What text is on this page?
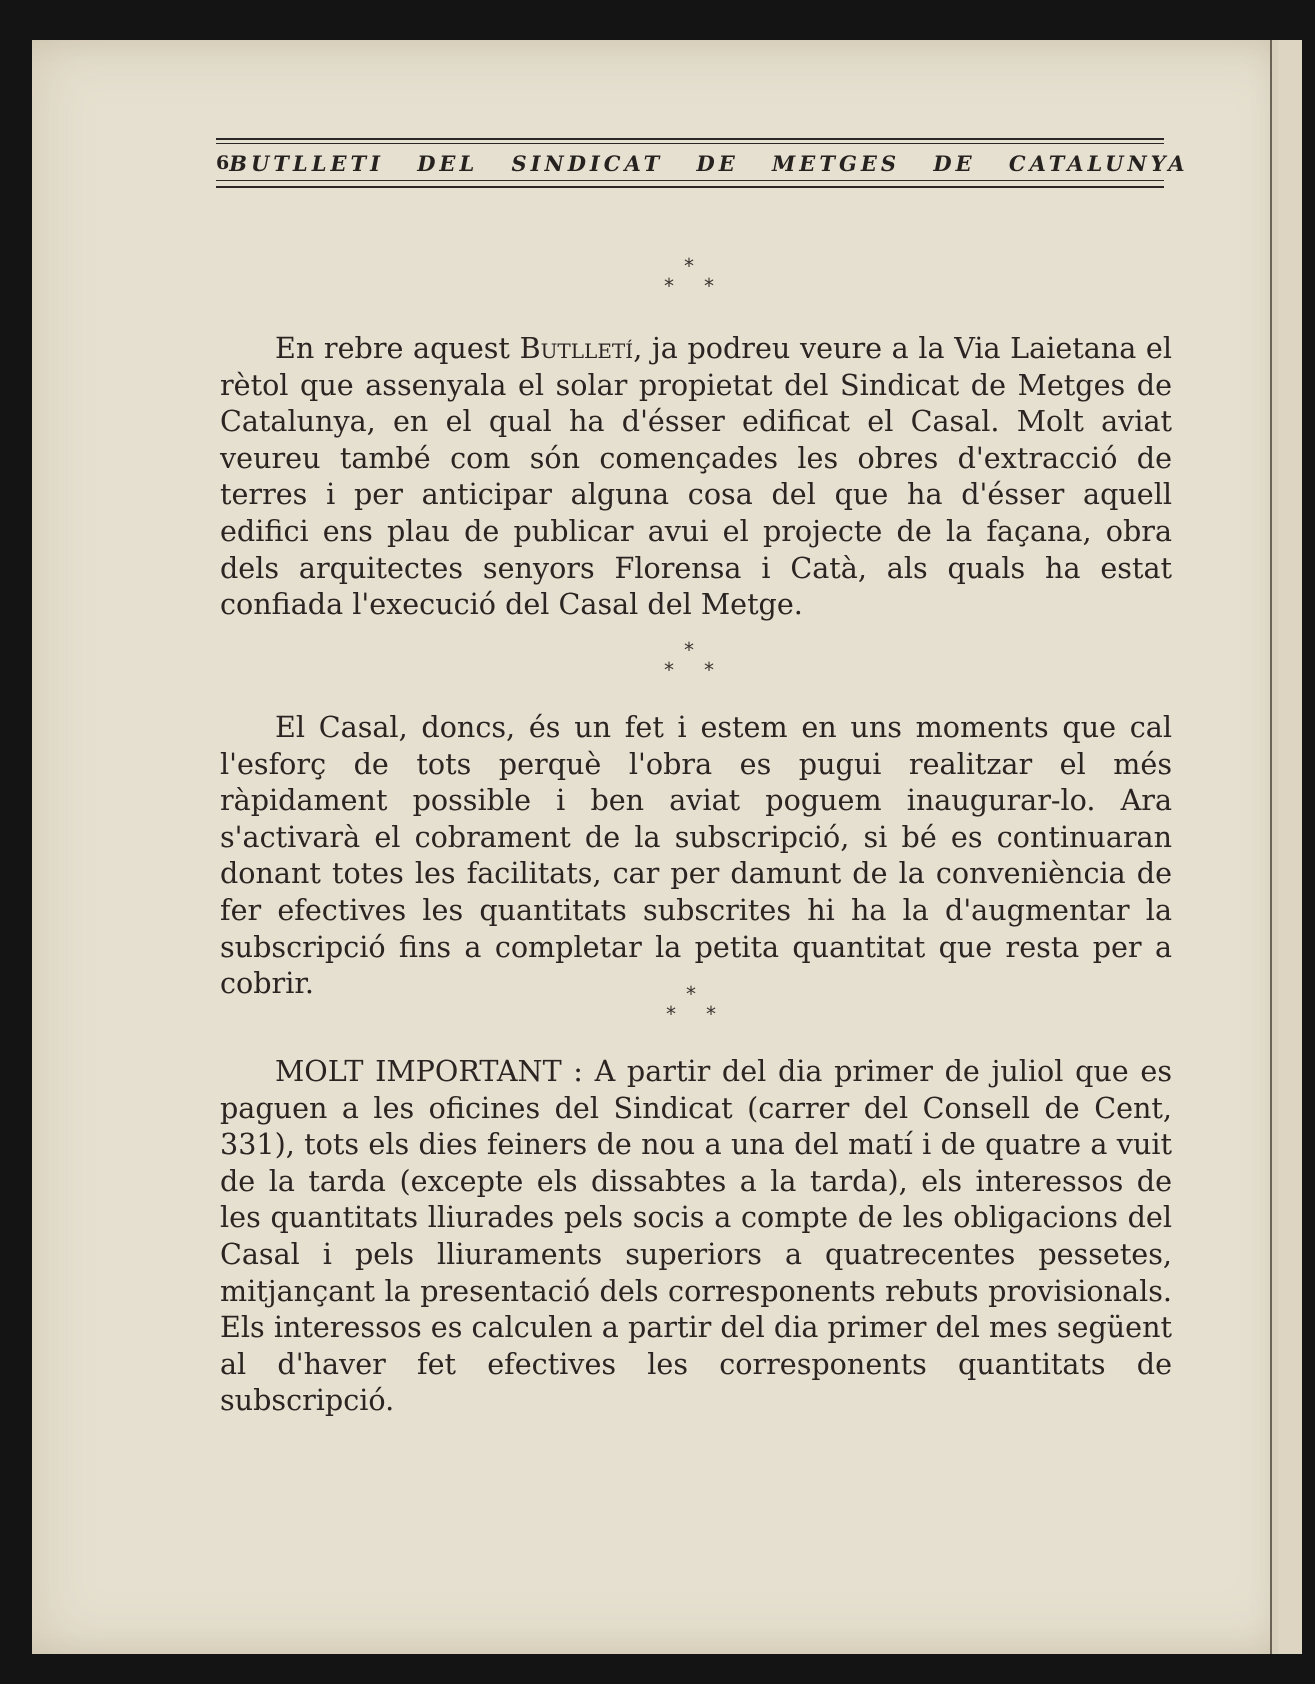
6 BUTLLETI DEL SINDICAT DE METGES DE CATALUNYA
*
* *

En rebre aquest Butlletí, ja podreu veure a la Via Laietana el rètol que assenyala el solar propietat del Sindicat de Metges de Catalunya, en el qual ha d'ésser edificat el Casal. Molt aviat veureu també com són començades les obres d'extracció de terres i per anticipar alguna cosa del que ha d'ésser aquell edifici ens plau de publicar avui el projecte de la façana, obra dels arquitectes senyors Florensa i Catà, als quals ha estat confiada l'execució del Casal del Metge.

*
* *

El Casal, doncs, és un fet i estem en uns moments que cal l'esforç de tots perquè l'obra es pugui realitzar el més ràpidament possible i ben aviat poguem inaugurar-lo. Ara s'activarà el cobrament de la subscripció, si bé es continuaran donant totes les facilitats, car per damunt de la conveniència de fer efectives les quantitats subscrites hi ha la d'augmentar la subscripció fins a completar la petita quantitat que resta per a cobrir.	*
* *

MOLT IMPORTANT : A partir del dia primer de juliol que es paguen a les oficines del Sindicat (carrer del Consell de Cent, 331), tots els dies feiners de nou a una del matí i de quatre a vuit de la tarda (excepte els dissabtes a la tarda), els interessos de les quantitats lliurades pels socis a compte de les obligacions del Casal i pels lliuraments superiors a quatrecentes pessetes, mitjançant la presentació dels corresponents rebuts provisionals. Els interessos es calculen a partir del dia primer del mes següent al d'haver fet efectives les corresponents quantitats de subscripció.
